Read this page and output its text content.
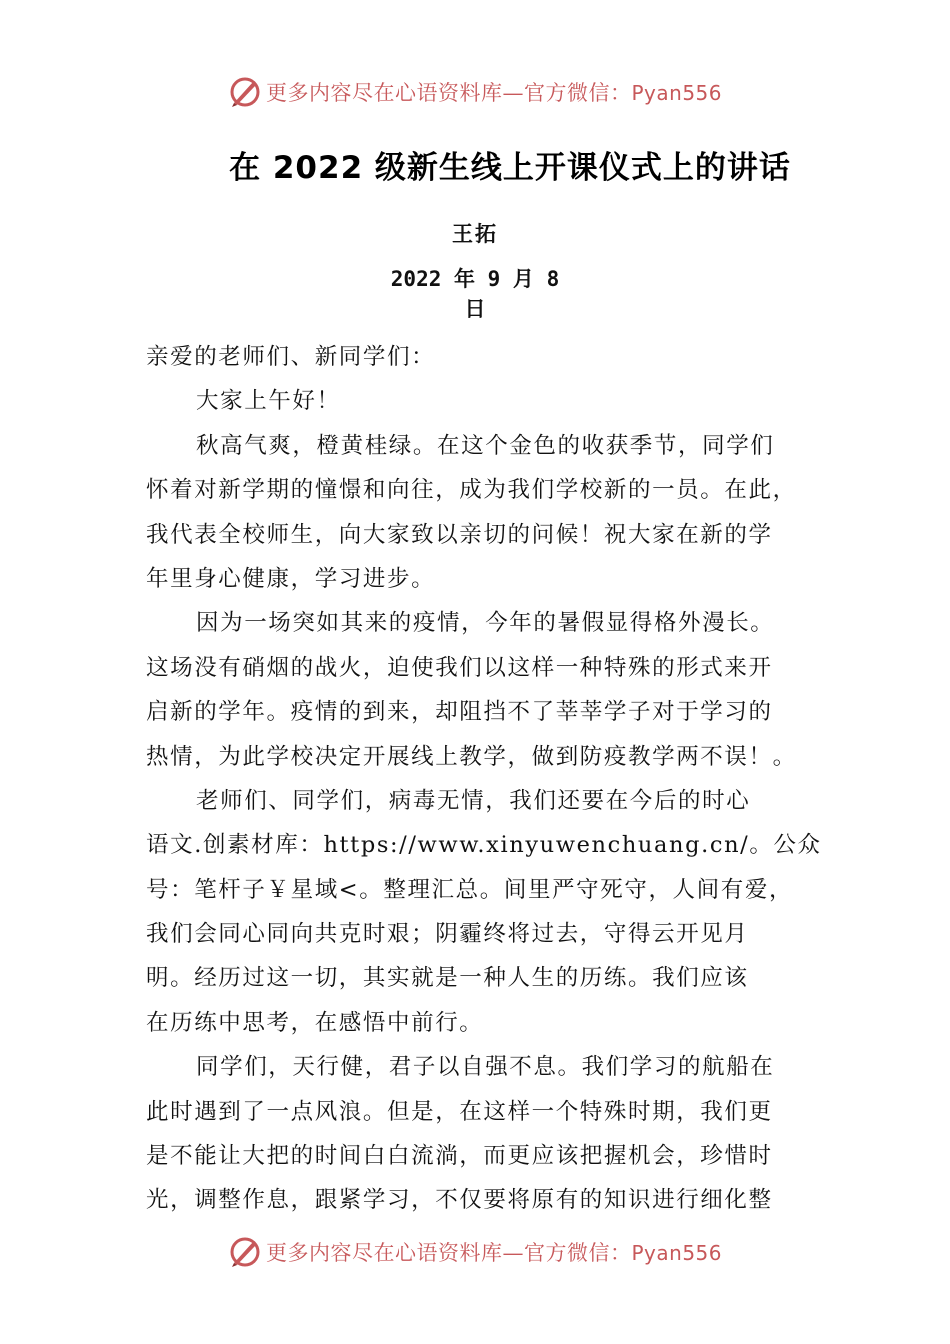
更多内容尽在心语资料库—官方微信：Pyan556
在 2022 级新生线上开课仪式上的讲话
王拓
2022 年 9 月 8
日
亲爱的老师们、新同学们：
大家上午好！
秋高气爽，橙黄桂绿。在这个金色的收获季节，同学们
怀着对新学期的憧憬和向往，成为我们学校新的一员。在此，
我代表全校师生，向大家致以亲切的问候！祝大家在新的学
年里身心健康，学习进步。
因为一场突如其来的疫情，今年的暑假显得格外漫长。
这场没有硝烟的战火，迫使我们以这样一种特殊的形式来开
启新的学年。疫情的到来，却阻挡不了莘莘学子对于学习的
热情，为此学校决定开展线上教学，做到防疫教学两不误！。
老师们、同学们，病毒无情，我们还要在今后的时心
语文.创素材库：https://www.xinyuwenchuang.cn/。公众
号：笔杆子￥星域<。整理汇总。间里严守死守，人间有爱，
我们会同心同向共克时艰；阴霾终将过去，守得云开见月
明。经历过这一切，其实就是一种人生的历练。我们应该
在历练中思考，在感悟中前行。
同学们，天行健，君子以自强不息。我们学习的航船在
此时遇到了一点风浪。但是，在这样一个特殊时期，我们更
是不能让大把的时间白白流淌，而更应该把握机会，珍惜时
光，调整作息，跟紧学习，不仅要将原有的知识进行细化整
更多内容尽在心语资料库—官方微信：Pyan556
